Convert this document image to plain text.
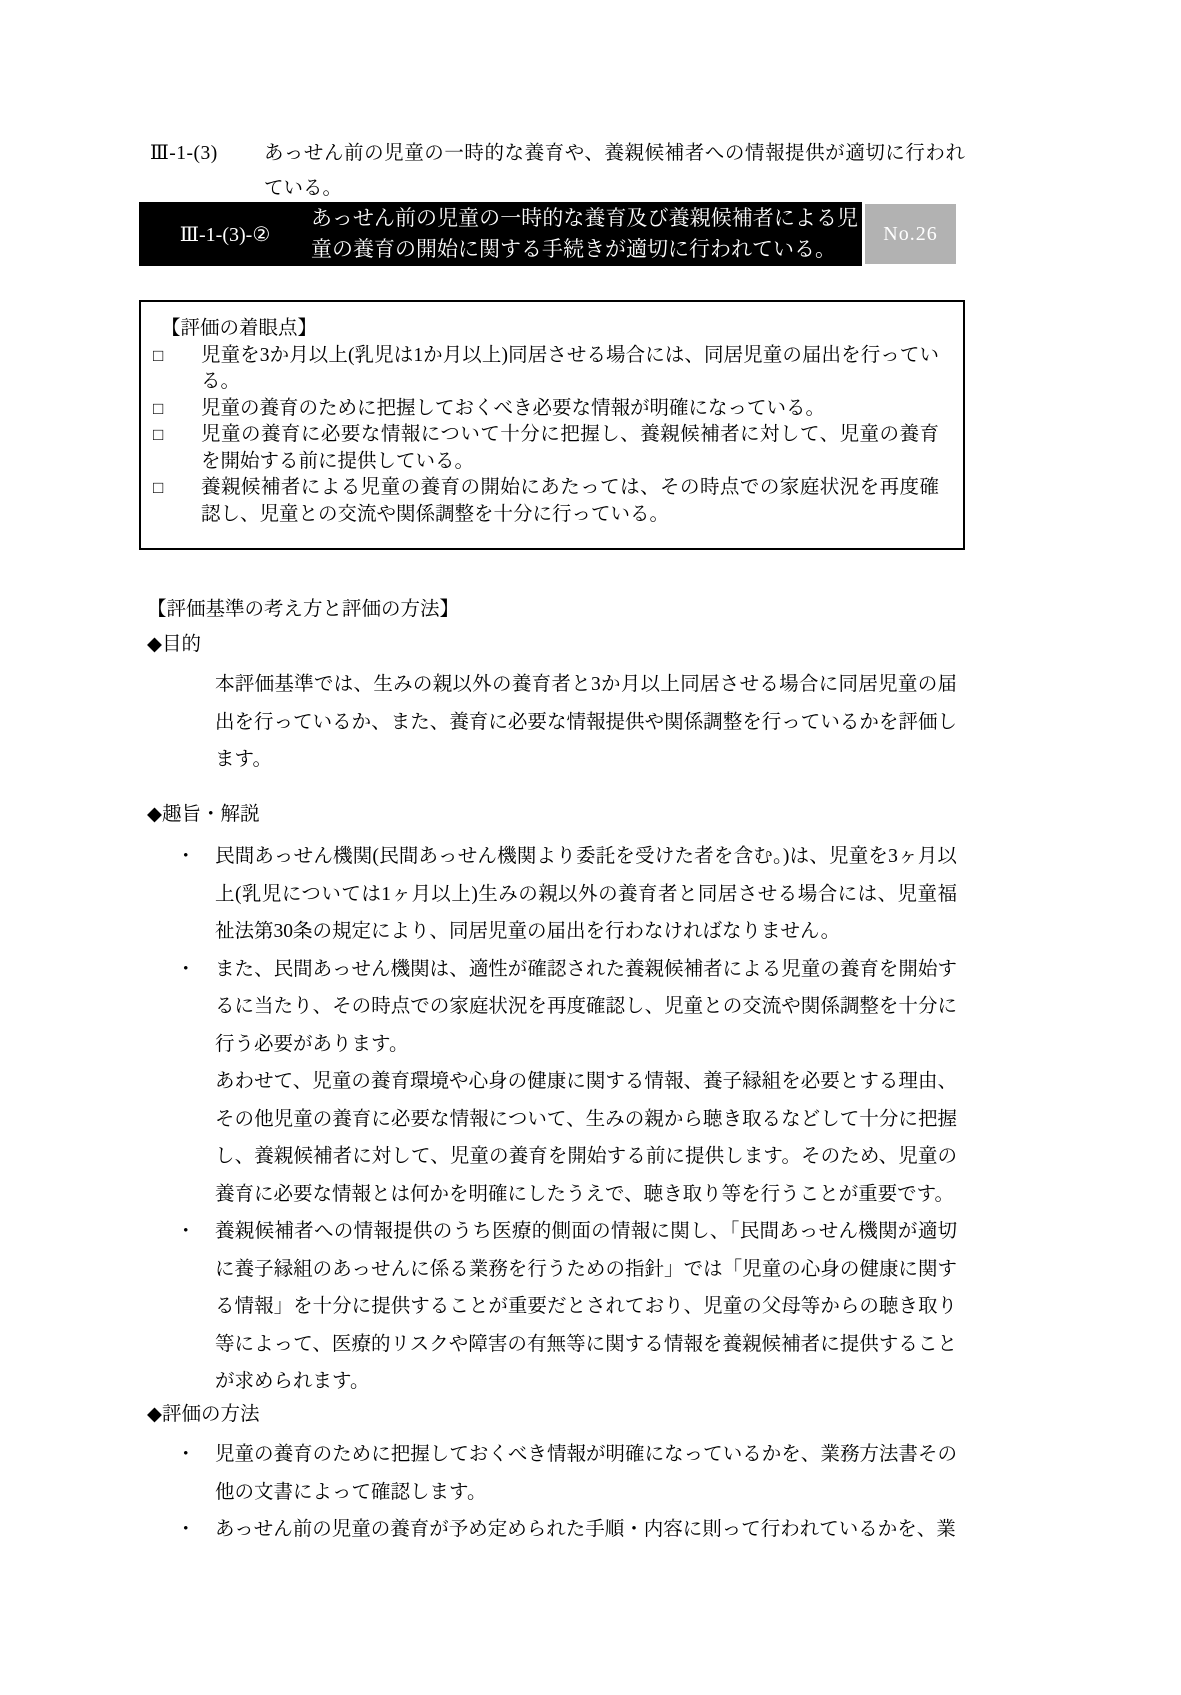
Ⅲ-1-(3)	あっせん前の児童の一時的な養育や、養親候補者への情報提供が適切に行われている。
Ⅲ-1-(3)-②
あっせん前の児童の一時的な養育及び養親候補者による児童の養育の開始に関する手続きが適切に行われている。
No.26
【評価の着眼点】
□	児童を3か月以上(乳児は1か月以上)同居させる場合には、同居児童の届出を行っている。
□	児童の養育のために把握しておくべき必要な情報が明確になっている。
□	児童の養育に必要な情報について十分に把握し、養親候補者に対して、児童の養育を開始する前に提供している。
□	養親候補者による児童の養育の開始にあたっては、その時点での家庭状況を再度確認し、児童との交流や関係調整を十分に行っている。
【評価基準の考え方と評価の方法】
◆目的
本評価基準では、生みの親以外の養育者と3か月以上同居させる場合に同居児童の届出を行っているか、また、養育に必要な情報提供や関係調整を行っているかを評価します。
◆趣旨・解説
・ 民間あっせん機関(民間あっせん機関より委託を受けた者を含む。)は、児童を3ヶ月以上(乳児については1ヶ月以上)生みの親以外の養育者と同居させる場合には、児童福祉法第30条の規定により、同居児童の届出を行わなければなりません。
・ また、民間あっせん機関は、適性が確認された養親候補者による児童の養育を開始するに当たり、その時点での家庭状況を再度確認し、児童との交流や関係調整を十分に行う必要があります。
あわせて、児童の養育環境や心身の健康に関する情報、養子縁組を必要とする理由、その他児童の養育に必要な情報について、生みの親から聴き取るなどして十分に把握し、養親候補者に対して、児童の養育を開始する前に提供します。そのため、児童の養育に必要な情報とは何かを明確にしたうえで、聴き取り等を行うことが重要です。
・ 養親候補者への情報提供のうち医療的側面の情報に関し、「民間あっせん機関が適切に養子縁組のあっせんに係る業務を行うための指針」では「児童の心身の健康に関する情報」を十分に提供することが重要だとされており、児童の父母等からの聴き取り等によって、医療的リスクや障害の有無等に関する情報を養親候補者に提供することが求められます。
◆評価の方法
・ 児童の養育のために把握しておくべき情報が明確になっているかを、業務方法書その他の文書によって確認します。
・ あっせん前の児童の養育が予め定められた手順・内容に則って行われているかを、業
